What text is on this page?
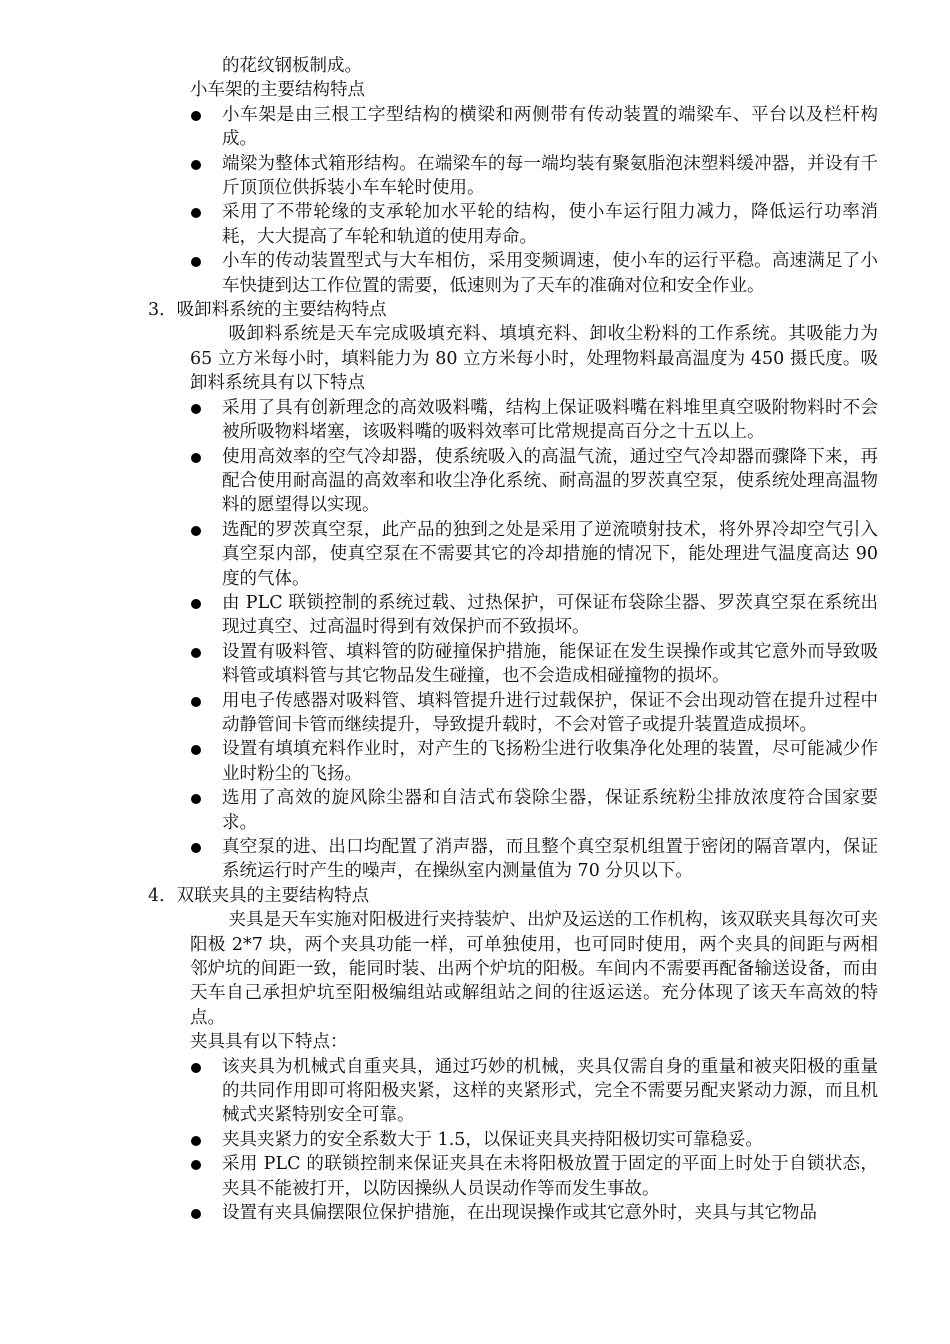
的花纹钢板制成。
小车架的主要结构特点
小车架是由三根工字型结构的横梁和两侧带有传动装置的端梁车、平台以及栏杆构成。
端梁为整体式箱形结构。在端梁车的每一端均装有聚氨脂泡沫塑料缓冲器，并设有千斤顶顶位供拆装小车车轮时使用。
采用了不带轮缘的支承轮加水平轮的结构，使小车运行阻力减力，降低运行功率消耗，大大提高了车轮和轨道的使用寿命。
小车的传动装置型式与大车相仿，采用变频调速，使小车的运行平稳。高速满足了小车快捷到达工作位置的需要，低速则为了天车的准确对位和安全作业。
3．吸卸料系统的主要结构特点
吸卸料系统是天车完成吸填充料、填填充料、卸收尘粉料的工作系统。其吸能力为 65 立方米每小时，填料能力为 80 立方米每小时，处理物料最高温度为 450 摄氏度。吸卸料系统具有以下特点
采用了具有创新理念的高效吸料嘴，结构上保证吸料嘴在料堆里真空吸附物料时不会被所吸物料堵塞，该吸料嘴的吸料效率可比常规提高百分之十五以上。
使用高效率的空气冷却器，使系统吸入的高温气流，通过空气冷却器而骤降下来，再配合使用耐高温的高效率和收尘净化系统、耐高温的罗茨真空泵，使系统处理高温物料的愿望得以实现。
选配的罗茨真空泵，此产品的独到之处是采用了逆流喷射技术，将外界冷却空气引入真空泵内部，使真空泵在不需要其它的冷却措施的情况下，能处理进气温度高达 90 度的气体。
由 PLC 联锁控制的系统过载、过热保护，可保证布袋除尘器、罗茨真空泵在系统出现过真空、过高温时得到有效保护而不致损坏。
设置有吸料管、填料管的防碰撞保护措施，能保证在发生误操作或其它意外而导致吸料管或填料管与其它物品发生碰撞，也不会造成相碰撞物的损坏。
用电子传感器对吸料管、填料管提升进行过载保护，保证不会出现动管在提升过程中动静管间卡管而继续提升，导致提升载时，不会对管子或提升装置造成损坏。
设置有填填充料作业时，对产生的飞扬粉尘进行收集净化处理的装置，尽可能减少作业时粉尘的飞扬。
选用了高效的旋风除尘器和自洁式布袋除尘器，保证系统粉尘排放浓度符合国家要求。
真空泵的进、出口均配置了消声器，而且整个真空泵机组置于密闭的隔音罩内，保证系统运行时产生的噪声，在操纵室内测量值为 70 分贝以下。
4．双联夹具的主要结构特点
夹具是天车实施对阳极进行夹持装炉、出炉及运送的工作机构，该双联夹具每次可夹阳极 2*7 块，两个夹具功能一样，可单独使用，也可同时使用，两个夹具的间距与两相邻炉坑的间距一致，能同时装、出两个炉坑的阳极。车间内不需要再配备输送设备，而由天车自己承担炉坑至阳极编组站或解组站之间的往返运送。充分体现了该天车高效的特点。
夹具具有以下特点：
该夹具为机械式自重夹具，通过巧妙的机械，夹具仅需自身的重量和被夹阳极的重量的共同作用即可将阳极夹紧，这样的夹紧形式，完全不需要另配夹紧动力源，而且机械式夹紧特别安全可靠。
夹具夹紧力的安全系数大于 1.5，以保证夹具夹持阳极切实可靠稳妥。
采用 PLC 的联锁控制来保证夹具在未将阳极放置于固定的平面上时处于自锁状态，夹具不能被打开，以防因操纵人员误动作等而发生事故。
设置有夹具偏摆限位保护措施，在出现误操作或其它意外时，夹具与其它物品
